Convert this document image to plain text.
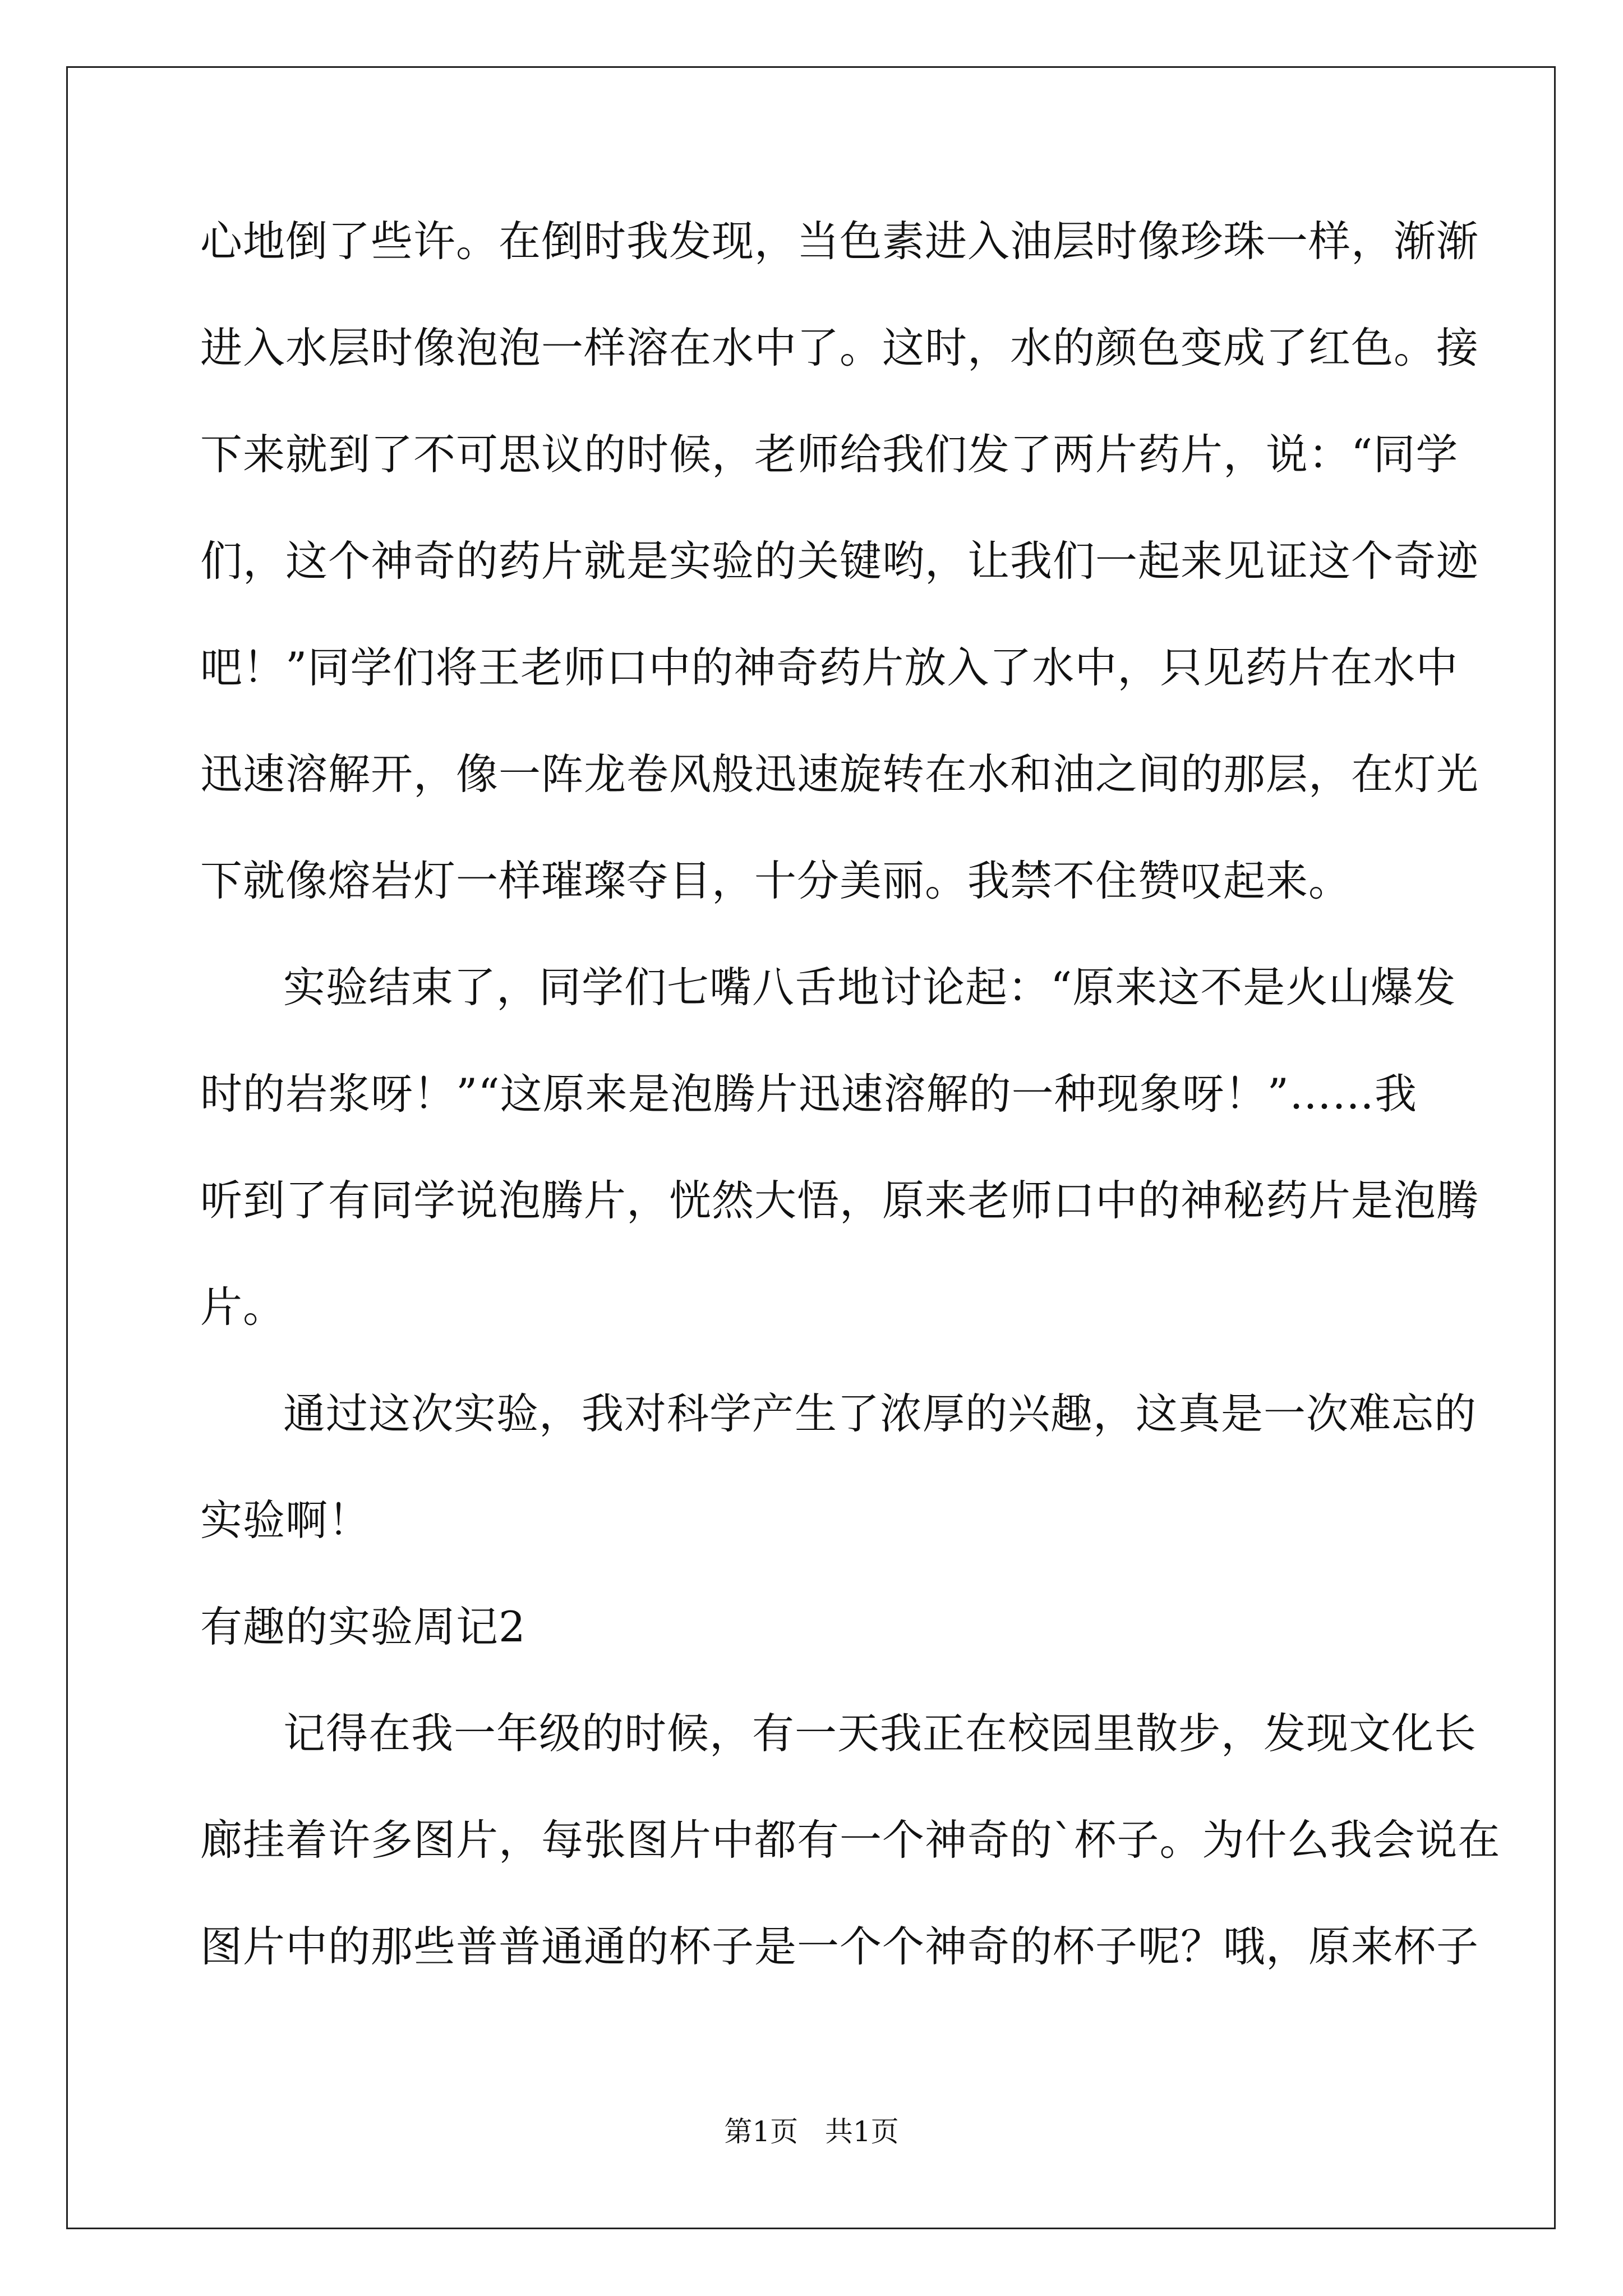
心地倒了些许。在倒时我发现，当色素进入油层时像珍珠一样，渐渐
进入水层时像泡泡一样溶在水中了。这时，水的颜色变成了红色。接
下来就到了不可思议的时候，老师给我们发了两片药片，说：“同学
们，这个神奇的药片就是实验的关键哟，让我们一起来见证这个奇迹
吧！”同学们将王老师口中的神奇药片放入了水中，只见药片在水中
迅速溶解开，像一阵龙卷风般迅速旋转在水和油之间的那层，在灯光
下就像熔岩灯一样璀璨夺目，十分美丽。我禁不住赞叹起来。
实验结束了，同学们七嘴八舌地讨论起：“原来这不是火山爆发
时的岩浆呀！”“这原来是泡腾片迅速溶解的一种现象呀！”……我
听到了有同学说泡腾片，恍然大悟，原来老师口中的神秘药片是泡腾
片。
通过这次实验，我对科学产生了浓厚的兴趣，这真是一次难忘的
实验啊！
有趣的实验周记2
记得在我一年级的时候，有一天我正在校园里散步，发现文化长
廊挂着许多图片，每张图片中都有一个神奇的`杯子。为什么我会说在
图片中的那些普普通通的杯子是一个个神奇的杯子呢？哦，原来杯子
第1页   共1页
